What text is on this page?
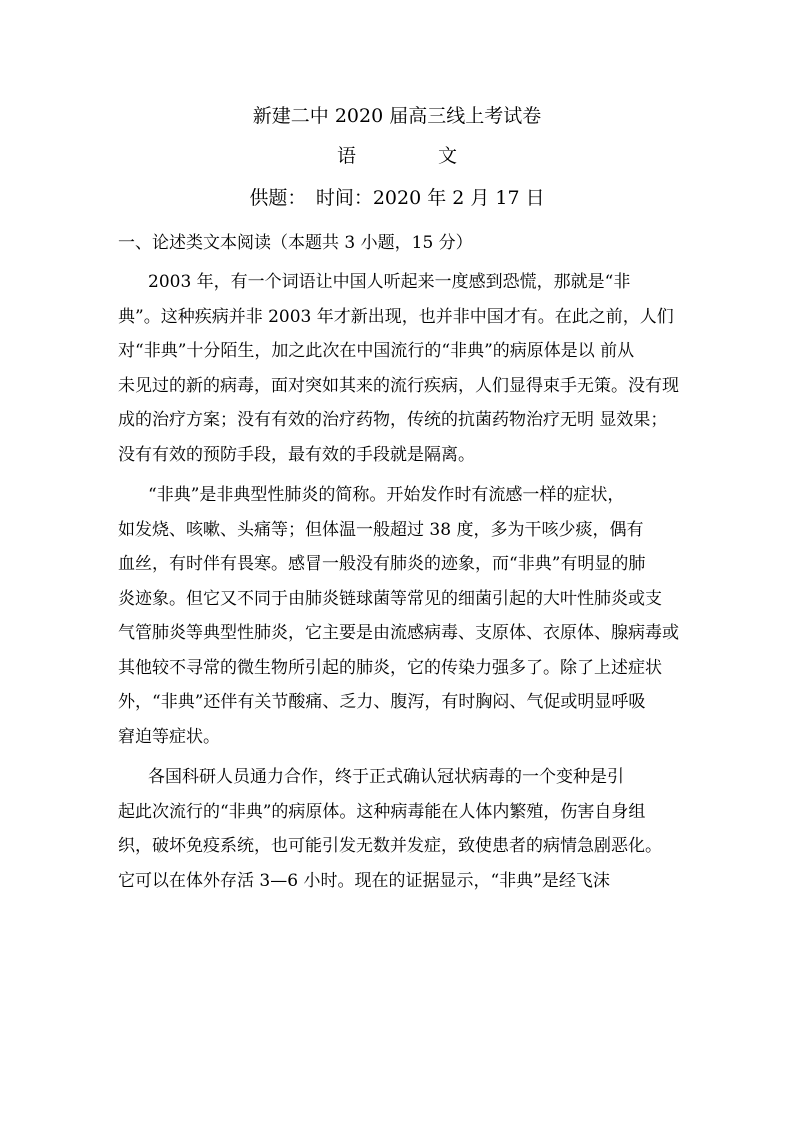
新建二中 2020 届高三线上考试卷
语 文
供题：　时间：2020 年 2 月 17 日
一、论述类文本阅读（本题共 3 小题，15 分）
2003 年，有一个词语让中国人听起来一度感到恐慌，那就是“非
典”。这种疾病并非 2003 年才新出现，也并非中国才有。在此之前，人们
对“非典”十分陌生，加之此次在中国流行的“非典”的病原体是以 前从
未见过的新的病毒，面对突如其来的流行疾病，人们显得束手无策。没有现
成的治疗方案；没有有效的治疗药物，传统的抗菌药物治疗无明 显效果；
没有有效的预防手段，最有效的手段就是隔离。
“非典”是非典型性肺炎的简称。开始发作时有流感一样的症状，
如发烧、咳嗽、头痛等；但体温一般超过 38 度，多为干咳少痰，偶有
血丝，有时伴有畏寒。感冒一般没有肺炎的迹象，而“非典”有明显的肺
炎迹象。但它又不同于由肺炎链球菌等常见的细菌引起的大叶性肺炎或支
气管肺炎等典型性肺炎，它主要是由流感病毒、支原体、衣原体、腺病毒或
其他较不寻常的微生物所引起的肺炎，它的传染力强多了。除了上述症状
外，“非典”还伴有关节酸痛、乏力、腹泻，有时胸闷、气促或明显呼吸
窘迫等症状。
各国科研人员通力合作，终于正式确认冠状病毒的一个变种是引
起此次流行的“非典”的病原体。这种病毒能在人体内繁殖，伤害自身组
织，破坏免疫系统，也可能引发无数并发症，致使患者的病情急剧恶化。
它可以在体外存活 3—6 小时。现在的证据显示，“非典”是经飞沫
